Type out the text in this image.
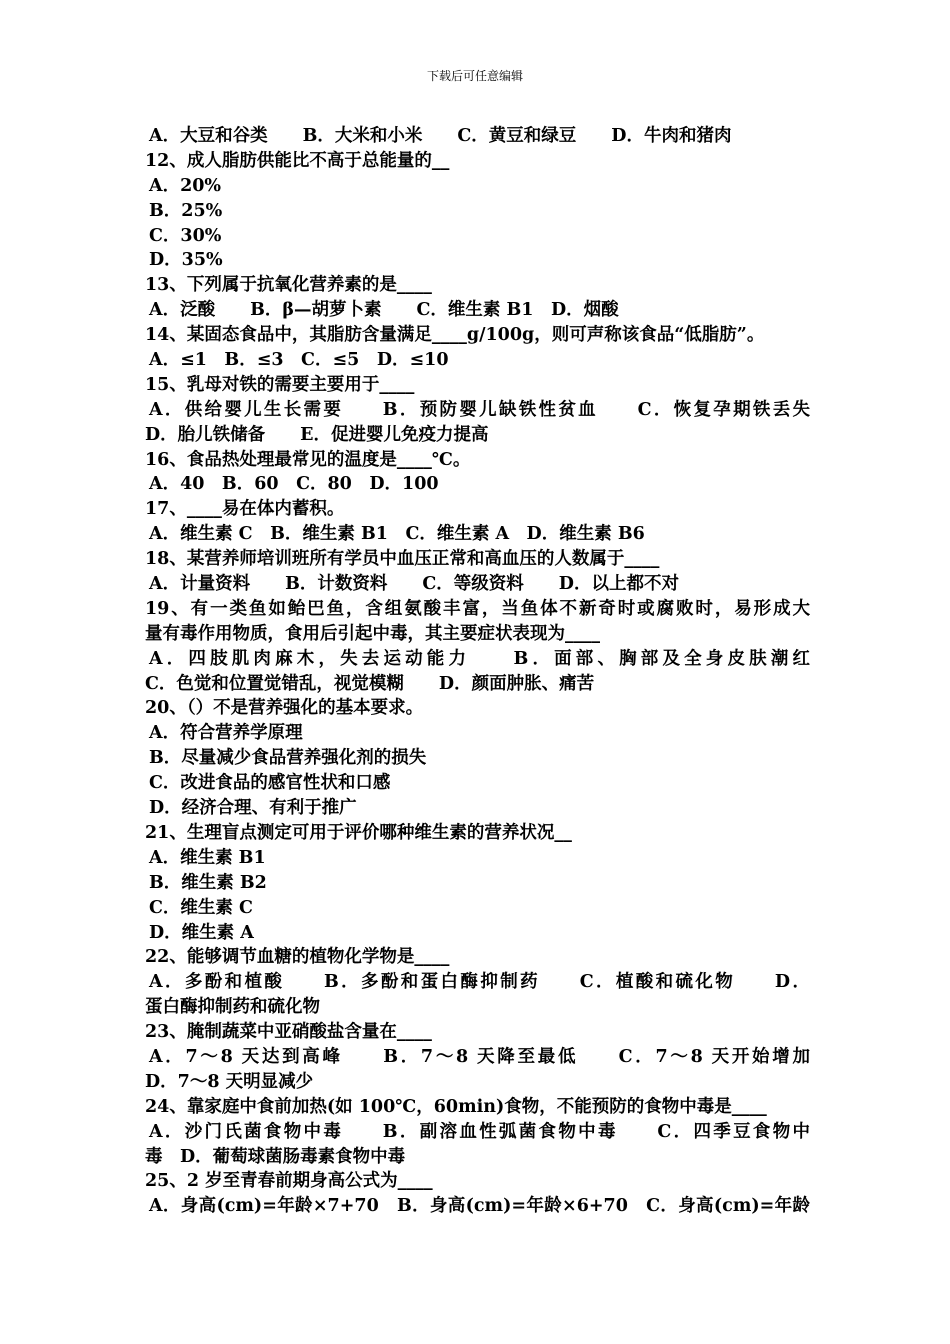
下载后可任意编辑
A．大豆和谷类　　B．大米和小米　　C．黄豆和绿豆　　D．牛肉和猪肉
12、成人脂肪供能比不高于总能量的__
A．20%
B．25%
C．30%
D．35%
13、下列属于抗氧化营养素的是____
A．泛酸　　B．β—胡萝卜素　　C．维生素 B1　D．烟酸
14、某固态食品中，其脂肪含量满足____g/100g，则可声称该食品“低脂肪”。
A．≤1　B．≤3　C．≤5　D．≤10
15、乳母对铁的需要主要用于____
A．供给婴儿生长需要　　B．预防婴儿缺铁性贫血　　C．恢复孕期铁丢失
D．胎儿铁储备　　E．促进婴儿免疫力提高
16、食品热处理最常见的温度是____℃。
A．40　B．60　C．80　D．100
17、____易在体内蓄积。
A．维生素 C　B．维生素 B1　C．维生素 A　D．维生素 B6
18、某营养师培训班所有学员中血压正常和高血压的人数属于____
A．计量资料　　B．计数资料　　C．等级资料　　D．以上都不对
19、有一类鱼如鲐巴鱼，含组氨酸丰富，当鱼体不新奇时或腐败时，易形成大
量有毒作用物质，食用后引起中毒，其主要症状表现为____
A．四肢肌肉麻木，失去运动能力　　B．面部、胸部及全身皮肤潮红
C．色觉和位置觉错乱，视觉模糊　　D．颜面肿胀、痛苦
20、（）不是营养强化的基本要求。
A．符合营养学原理
B．尽量减少食品营养强化剂的损失
C．改进食品的感官性状和口感
D．经济合理、有利于推广
21、生理盲点测定可用于评价哪种维生素的营养状况__
A．维生素 B1
B．维生素 B2
C．维生素 C
D．维生素 A
22、能够调节血糖的植物化学物是____
A．多酚和植酸　　B．多酚和蛋白酶抑制药　　C．植酸和硫化物　　D．
蛋白酶抑制药和硫化物
23、腌制蔬菜中亚硝酸盐含量在____
A．7～8 天达到高峰　　B．7～8 天降至最低　　C．7～8 天开始增加
D．7～8 天明显减少
24、靠家庭中食前加热(如 100℃，60min)食物，不能预防的食物中毒是____
A．沙门氏菌食物中毒　　B．副溶血性弧菌食物中毒　　C．四季豆食物中
毒　D．葡萄球菌肠毒素食物中毒
25、2 岁至青春前期身高公式为____
A．身高(cm)=年龄×7+70　B．身高(cm)=年龄×6+70　C．身高(cm)=年龄
